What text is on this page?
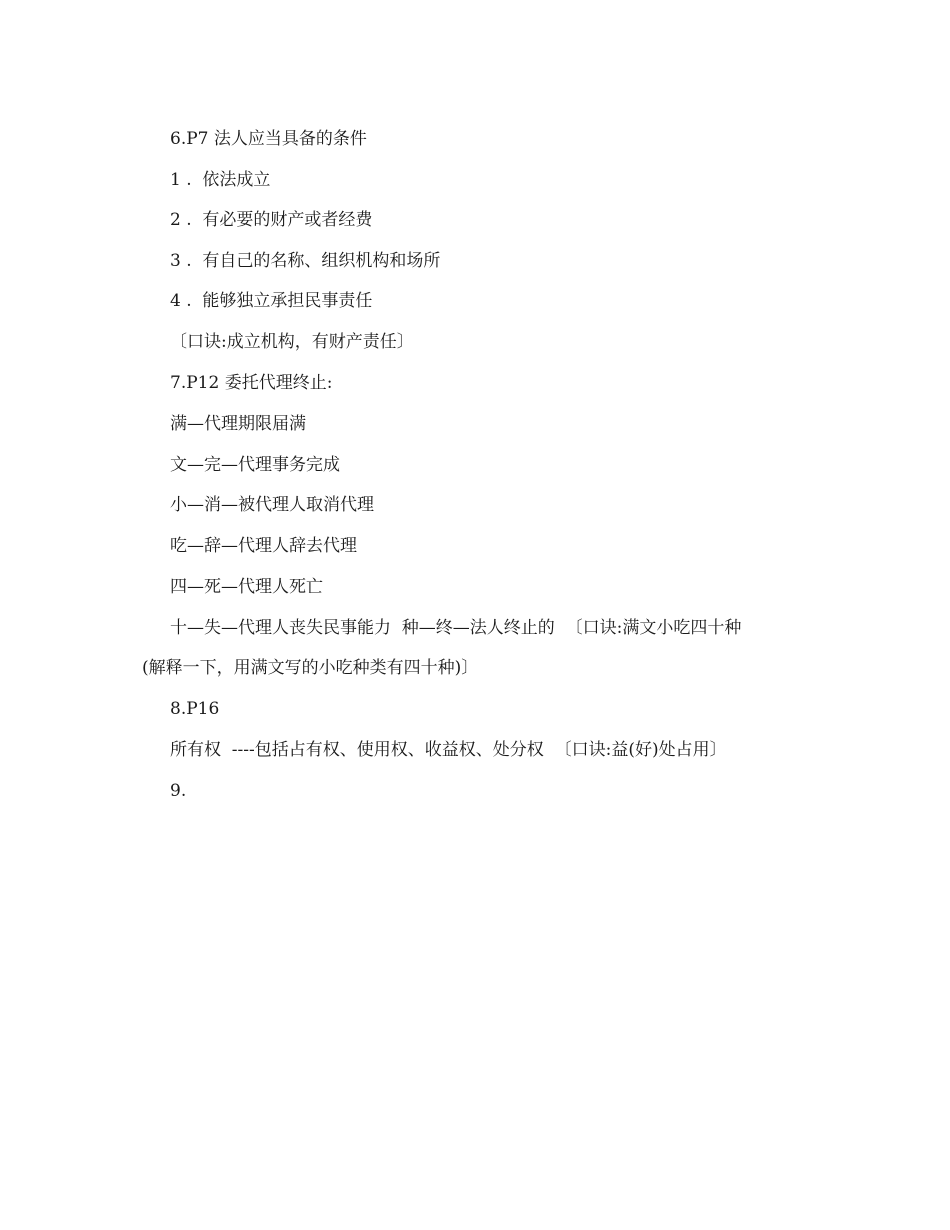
6.P7 法人应当具备的条件
1 .  依法成立
2 .  有必要的财产或者经费
3 .  有自己的名称、组织机构和场所
4 .  能够独立承担民事责任
〔口诀:成立机构，有财产责任〕
7.P12 委托代理终止:
满—代理期限届满
文—完—代理事务完成
小—消—被代理人取消代理
吃—辞—代理人辞去代理
四—死—代理人死亡
十—失—代理人丧失民事能力  种—终—法人终止的  〔口诀:满文小吃四十种
(解释一下，用满文写的小吃种类有四十种)〕
8.P16
所有权  ----包括占有权、使用权、收益权、处分权  〔口诀:益(好)处占用〕
9.
